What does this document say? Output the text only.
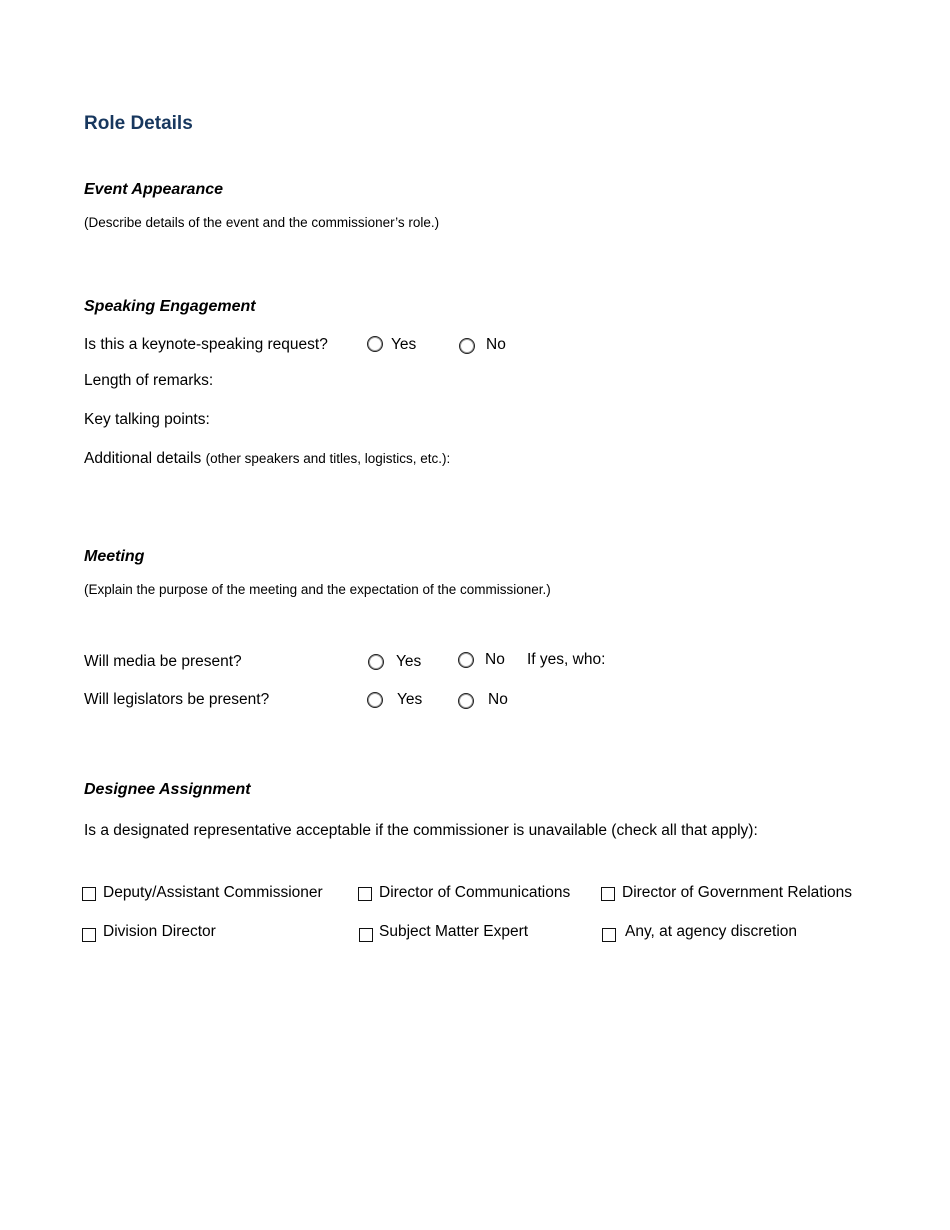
Role Details
Event Appearance
(Describe details of the event and the commissioner’s role.)
Speaking Engagement
Is this a keynote-speaking request?	Yes	No
Length of remarks:
Key talking points:
Additional details (other speakers and titles, logistics, etc.):
Meeting
(Explain the purpose of the meeting and the expectation of the commissioner.)
Will media be present?	Yes	No If yes, who:
Will legislators be present?	Yes	No
Designee Assignment
Is a designated representative acceptable if the commissioner is unavailable (check all that apply):
Deputy/Assistant Commissioner	Director of Communications	Director of Government Relations
Division Director	Subject Matter Expert	Any, at agency discretion
